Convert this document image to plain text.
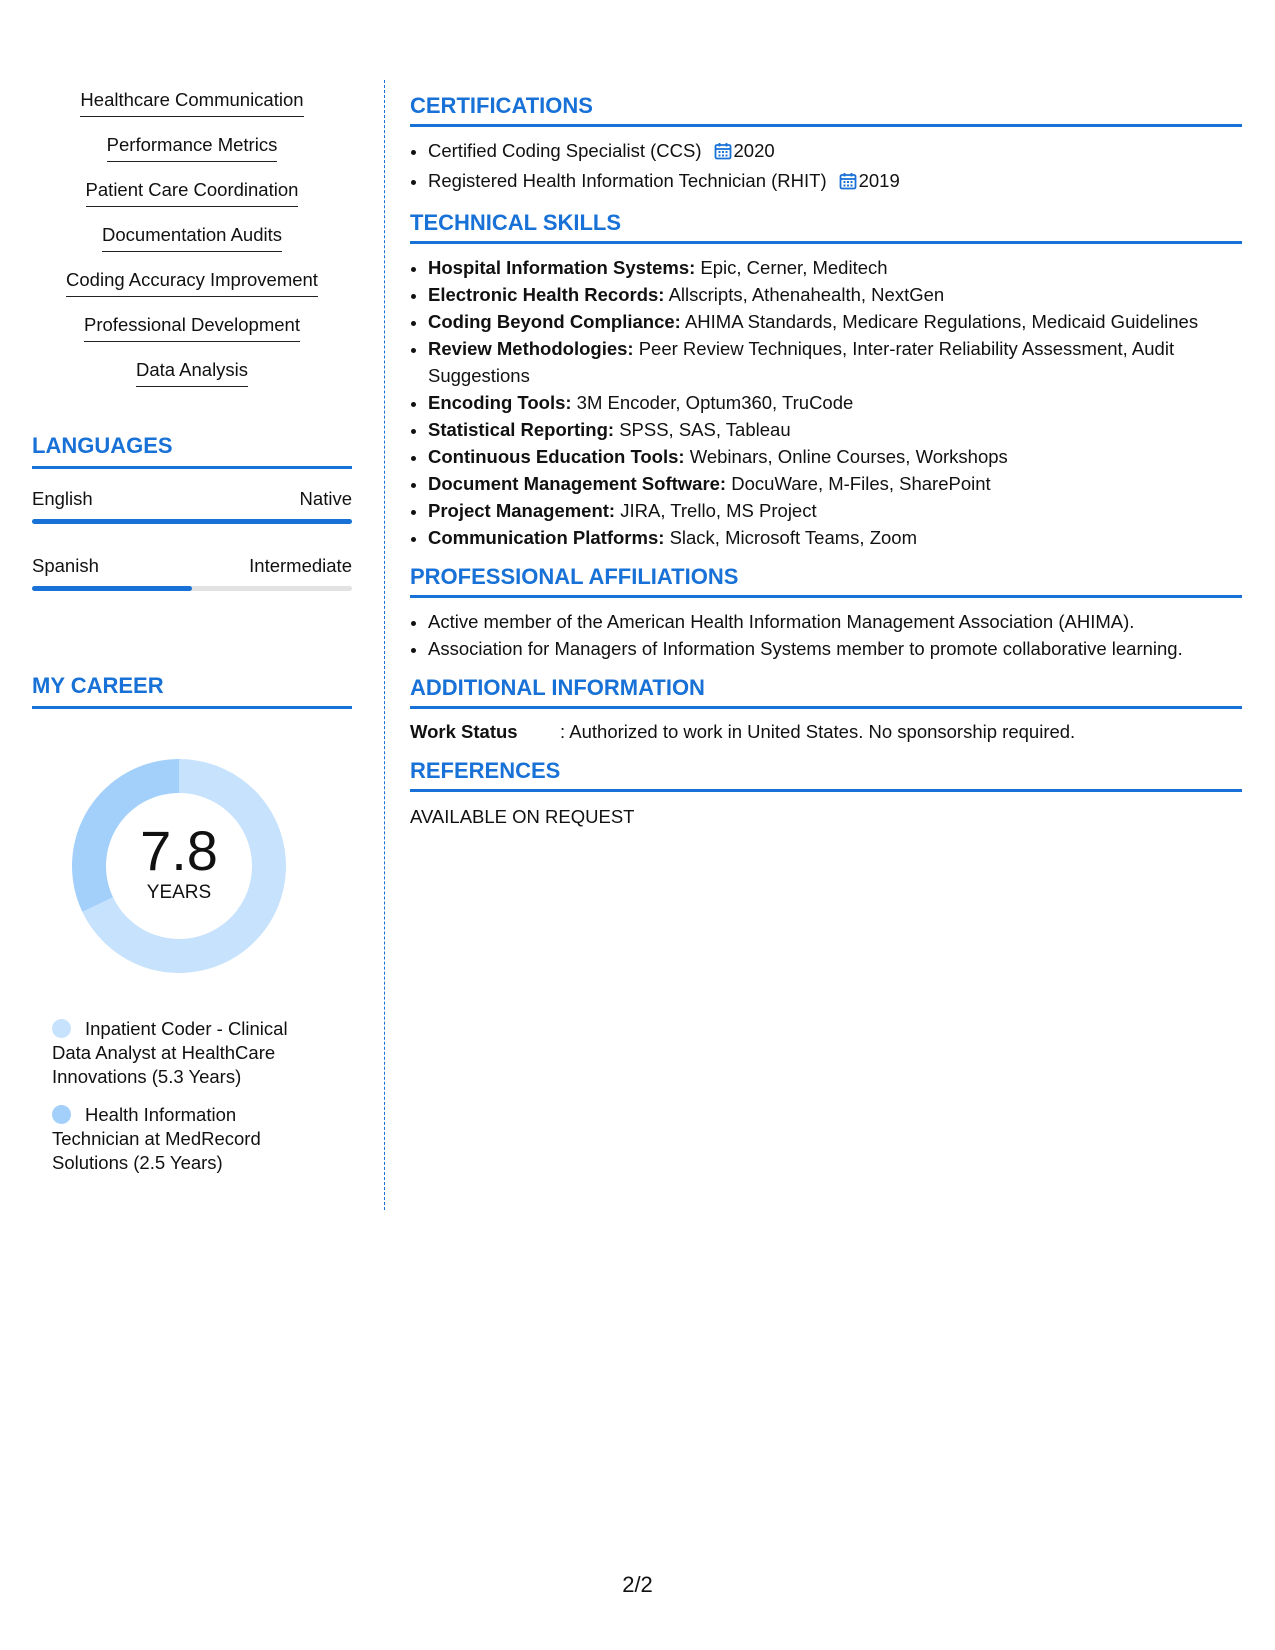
Healthcare Communication
Performance Metrics
Patient Care Coordination
Documentation Audits
Coding Accuracy Improvement
Professional Development
Data Analysis
LANGUAGES
English	Native
Spanish	Intermediate
MY CAREER
7.8
YEARS
Inpatient Coder - Clinical Data Analyst at HealthCare Innovations (5.3 Years)
Health Information Technician at MedRecord Solutions (2.5 Years)
CERTIFICATIONS
• Certified Coding Specialist (CCS) 2020
• Registered Health Information Technician (RHIT) 2019
TECHNICAL SKILLS
• Hospital Information Systems: Epic, Cerner, Meditech
• Electronic Health Records: Allscripts, Athenahealth, NextGen
• Coding Beyond Compliance: AHIMA Standards, Medicare Regulations, Medicaid Guidelines
• Review Methodologies: Peer Review Techniques, Inter-rater Reliability Assessment, Audit Suggestions
• Encoding Tools: 3M Encoder, Optum360, TruCode
• Statistical Reporting: SPSS, SAS, Tableau
• Continuous Education Tools: Webinars, Online Courses, Workshops
• Document Management Software: DocuWare, M-Files, SharePoint
• Project Management: JIRA, Trello, MS Project
• Communication Platforms: Slack, Microsoft Teams, Zoom
PROFESSIONAL AFFILIATIONS
• Active member of the American Health Information Management Association (AHIMA).
• Association for Managers of Information Systems member to promote collaborative learning.
ADDITIONAL INFORMATION
Work Status	: Authorized to work in United States. No sponsorship required.
REFERENCES
AVAILABLE ON REQUEST
2/2
